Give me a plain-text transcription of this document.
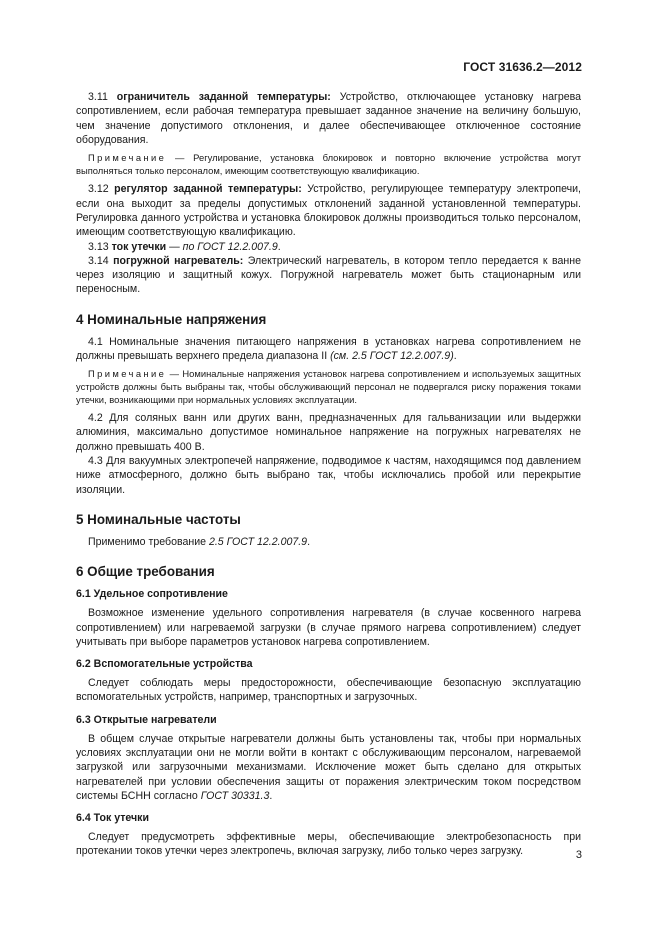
ГОСТ 31636.2—2012

3.11 ограничитель заданной температуры: Устройство, отключающее установку нагрева сопротивлением, если рабочая температура превышает заданное значение на величину большую, чем значение допустимого отклонения, и далее обеспечивающее отключенное состояние оборудования.

Примечание — Регулирование, установка блокировок и повторно включение устройства могут выполняться только персоналом, имеющим соответствующую квалификацию.

3.12 регулятор заданной температуры: Устройство, регулирующее температуру электропечи, если она выходит за пределы допустимых отклонений заданной установленной температуры. Регулировка данного устройства и установка блокировок должны производиться только персоналом, имеющим соответствующую квалификацию.

3.13 ток утечки — по ГОСТ 12.2.007.9.

3.14 погружной нагреватель: Электрический нагреватель, в котором тепло передается к ванне через изоляцию и защитный кожух. Погружной нагреватель может быть стационарным или переносным.

4 Номинальные напряжения

4.1 Номинальные значения питающего напряжения в установках нагрева сопротивлением не должны превышать верхнего предела диапазона II (см. 2.5 ГОСТ 12.2.007.9).

Примечание — Номинальные напряжения установок нагрева сопротивлением и используемых защитных устройств должны быть выбраны так, чтобы обслуживающий персонал не подвергался риску поражения токами утечки, возникающими при нормальных условиях эксплуатации.

4.2 Для соляных ванн или других ванн, предназначенных для гальванизации или выдержки алюминия, максимально допустимое номинальное напряжение на погружных нагревателях не должно превышать 400 В.

4.3 Для вакуумных электропечей напряжение, подводимое к частям, находящимся под давлением ниже атмосферного, должно быть выбрано так, чтобы исключались пробой или перекрытие изоляции.

5 Номинальные частоты

Применимо требование 2.5 ГОСТ 12.2.007.9.

6 Общие требования
6.1 Удельное сопротивление

Возможное изменение удельного сопротивления нагревателя (в случае косвенного нагрева сопротивлением) или нагреваемой загрузки (в случае прямого нагрева сопротивлением) следует учитывать при выборе параметров установок нагрева сопротивлением.

6.2 Вспомогательные устройства

Следует соблюдать меры предосторожности, обеспечивающие безопасную эксплуатацию вспомогательных устройств, например, транспортных и загрузочных.

6.3 Открытые нагреватели

В общем случае открытые нагреватели должны быть установлены так, чтобы при нормальных условиях эксплуатации они не могли войти в контакт с обслуживающим персоналом, нагреваемой загрузкой или загрузочными механизмами. Исключение может быть сделано для открытых нагревателей при условии обеспечения защиты от поражения электрическим током посредством системы БСНН согласно ГОСТ 30331.3.

6.4 Ток утечки

Следует предусмотреть эффективные меры, обеспечивающие электробезопасность при протекании токов утечки через электропечь, включая загрузку, либо только через загрузку.	3
